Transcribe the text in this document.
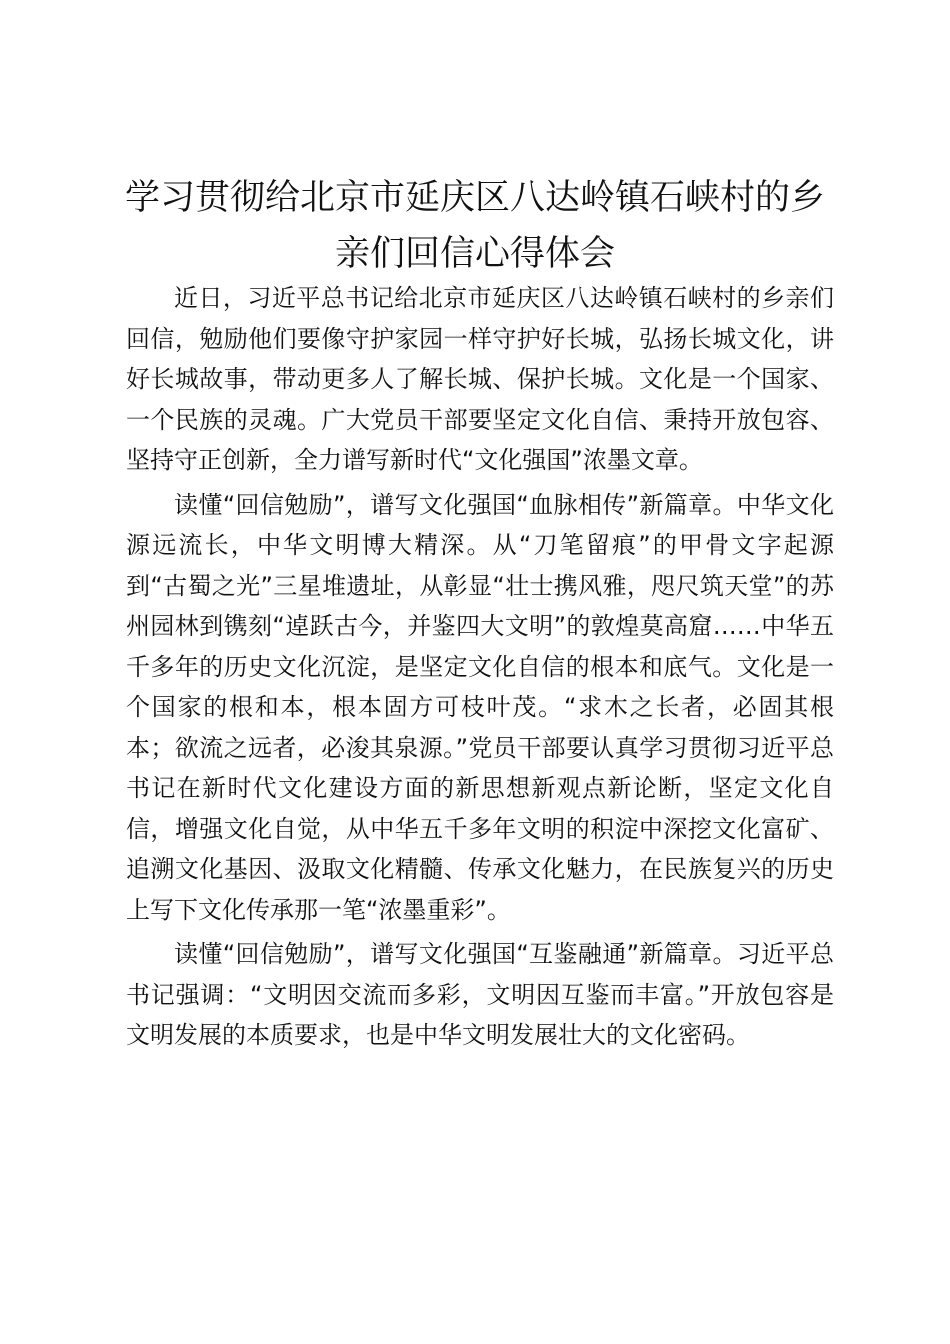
学习贯彻给北京市延庆区八达岭镇石峡村的乡亲们回信心得体会

近日，习近平总书记给北京市延庆区八达岭镇石峡村的乡亲们回信，勉励他们要像守护家园一样守护好长城，弘扬长城文化，讲好长城故事，带动更多人了解长城、保护长城。文化是一个国家、一个民族的灵魂。广大党员干部要坚定文化自信、秉持开放包容、坚持守正创新，全力谱写新时代“文化强国”浓墨文章。

读懂“回信勉励”，谱写文化强国“血脉相传”新篇章。中华文化源远流长，中华文明博大精深。从“刀笔留痕”的甲骨文字起源到“古蜀之光”三星堆遗址，从彰显“壮士携风雅，咫尺筑天堂”的苏州园林到镌刻“逴跃古今，并鉴四大文明”的敦煌莫高窟……中华五千多年的历史文化沉淀，是坚定文化自信的根本和底气。文化是一个国家的根和本，根本固方可枝叶茂。“求木之长者，必固其根本；欲流之远者，必浚其泉源。”党员干部要认真学习贯彻习近平总书记在新时代文化建设方面的新思想新观点新论断，坚定文化自信，增强文化自觉，从中华五千多年文明的积淀中深挖文化富矿、追溯文化基因、汲取文化精髓、传承文化魅力，在民族复兴的历史上写下文化传承那一笔“浓墨重彩”。

读懂“回信勉励”，谱写文化强国“互鉴融通”新篇章。习近平总书记强调：“文明因交流而多彩，文明因互鉴而丰富。”开放包容是文明发展的本质要求，也是中华文明发展壮大的文化密码。
